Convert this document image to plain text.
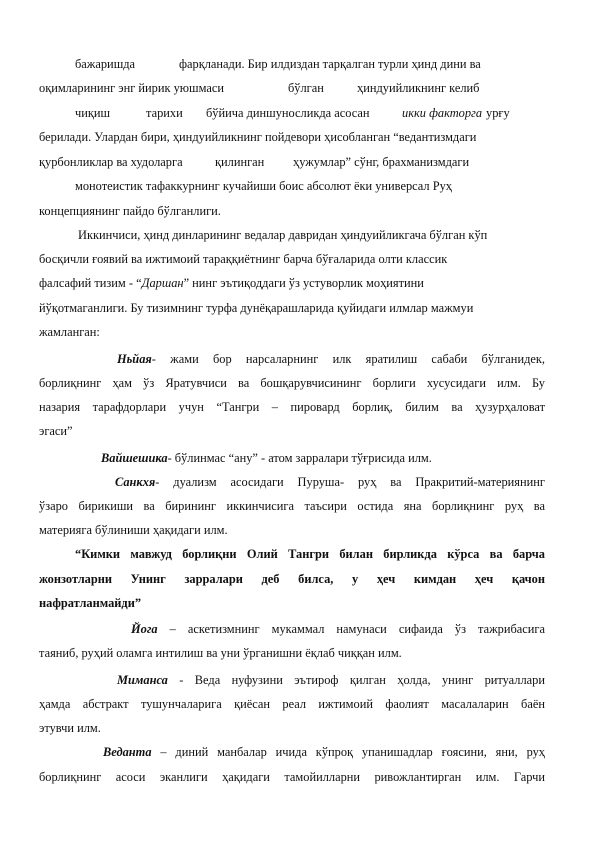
бажаришда	фарқланади. Бир илдиздан тарқалган турли ҳинд дини ва
оқимларининг энг йирик уюшмаси	бўлган	ҳиндуийликнинг келиб
чиқиш	тарихи бўйича диншуносликда асосан	икки факторга урғу
берилади. Улардан бири, ҳиндуийликнинг пойдевори ҳисобланган “ведантизмдаги
қурбонликлар ва худоларга	қилинган ҳужумлар” сўнг, брахманизмдаги
монотеистик тафаккурнинг кучайиши боис абсолют ёки универсал Руҳ
концепциянинг пайдо бўлганлиги.
Иккинчиси, ҳинд динларининг ведалар давридан ҳиндуийликгача бўлган кўп
босқичли ғоявий ва ижтимоий тараққиётнинг барча бўғаларида олти классик
фалсафий тизим - “Даршан” нинг эътиқоддаги ўз устуворлик моҳиятини
йўқотмаганлиги. Бу тизимнинг турфа дунёқарашларида қуйидаги илмлар мажмуи
жамланган:
Ньйая- жами бор нарсаларнинг илк яратилиш сабаби бўлганидек,
борлиқнинг ҳам ўз Яратувчиси ва бошқарувчисининг борлиги хусусидаги илм. Бу
назария тарафдорлари учун “Тангри – пировард борлиқ, билим ва ҳузурҳаловат
эгаси”
Вайшешика- бўлинмас “ану” - атом зарралари тўғрисида илм.
Санкхя- дуализм асосидаги Пуруша- руҳ ва Пракритий-материянинг
ўзаро бирикиши ва бирининг иккинчисига таъсири остида яна борлиқнинг руҳ ва
материяга бўлиниши ҳақидаги илм.
“Кимки мавжуд борлиқни Олий Тангри билан бирликда кўрса ва барча
жонзотларни Унинг зарралари деб билса, у ҳеч кимдан ҳеч қачон
нафратланмайди”
Йога – аскетизмнинг мукаммал намунаси сифаида ўз тажрибасига
таяниб, руҳий оламга интилиш ва уни ўрганишни ёқлаб чиққан илм.
Миманса - Веда нуфузини эътироф қилган ҳолда, унинг ритуаллари
ҳамда абстракт тушунчаларига қиёсан реал ижтимоий фаолият масалаларин баён
этувчи илм.
Веданта – диний манбалар ичида кўпроқ упанишадлар ғоясини, яни, руҳ
борлиқнинг асоси эканлиги ҳақидаги тамойилларни ривожлантирган илм. Гарчи
